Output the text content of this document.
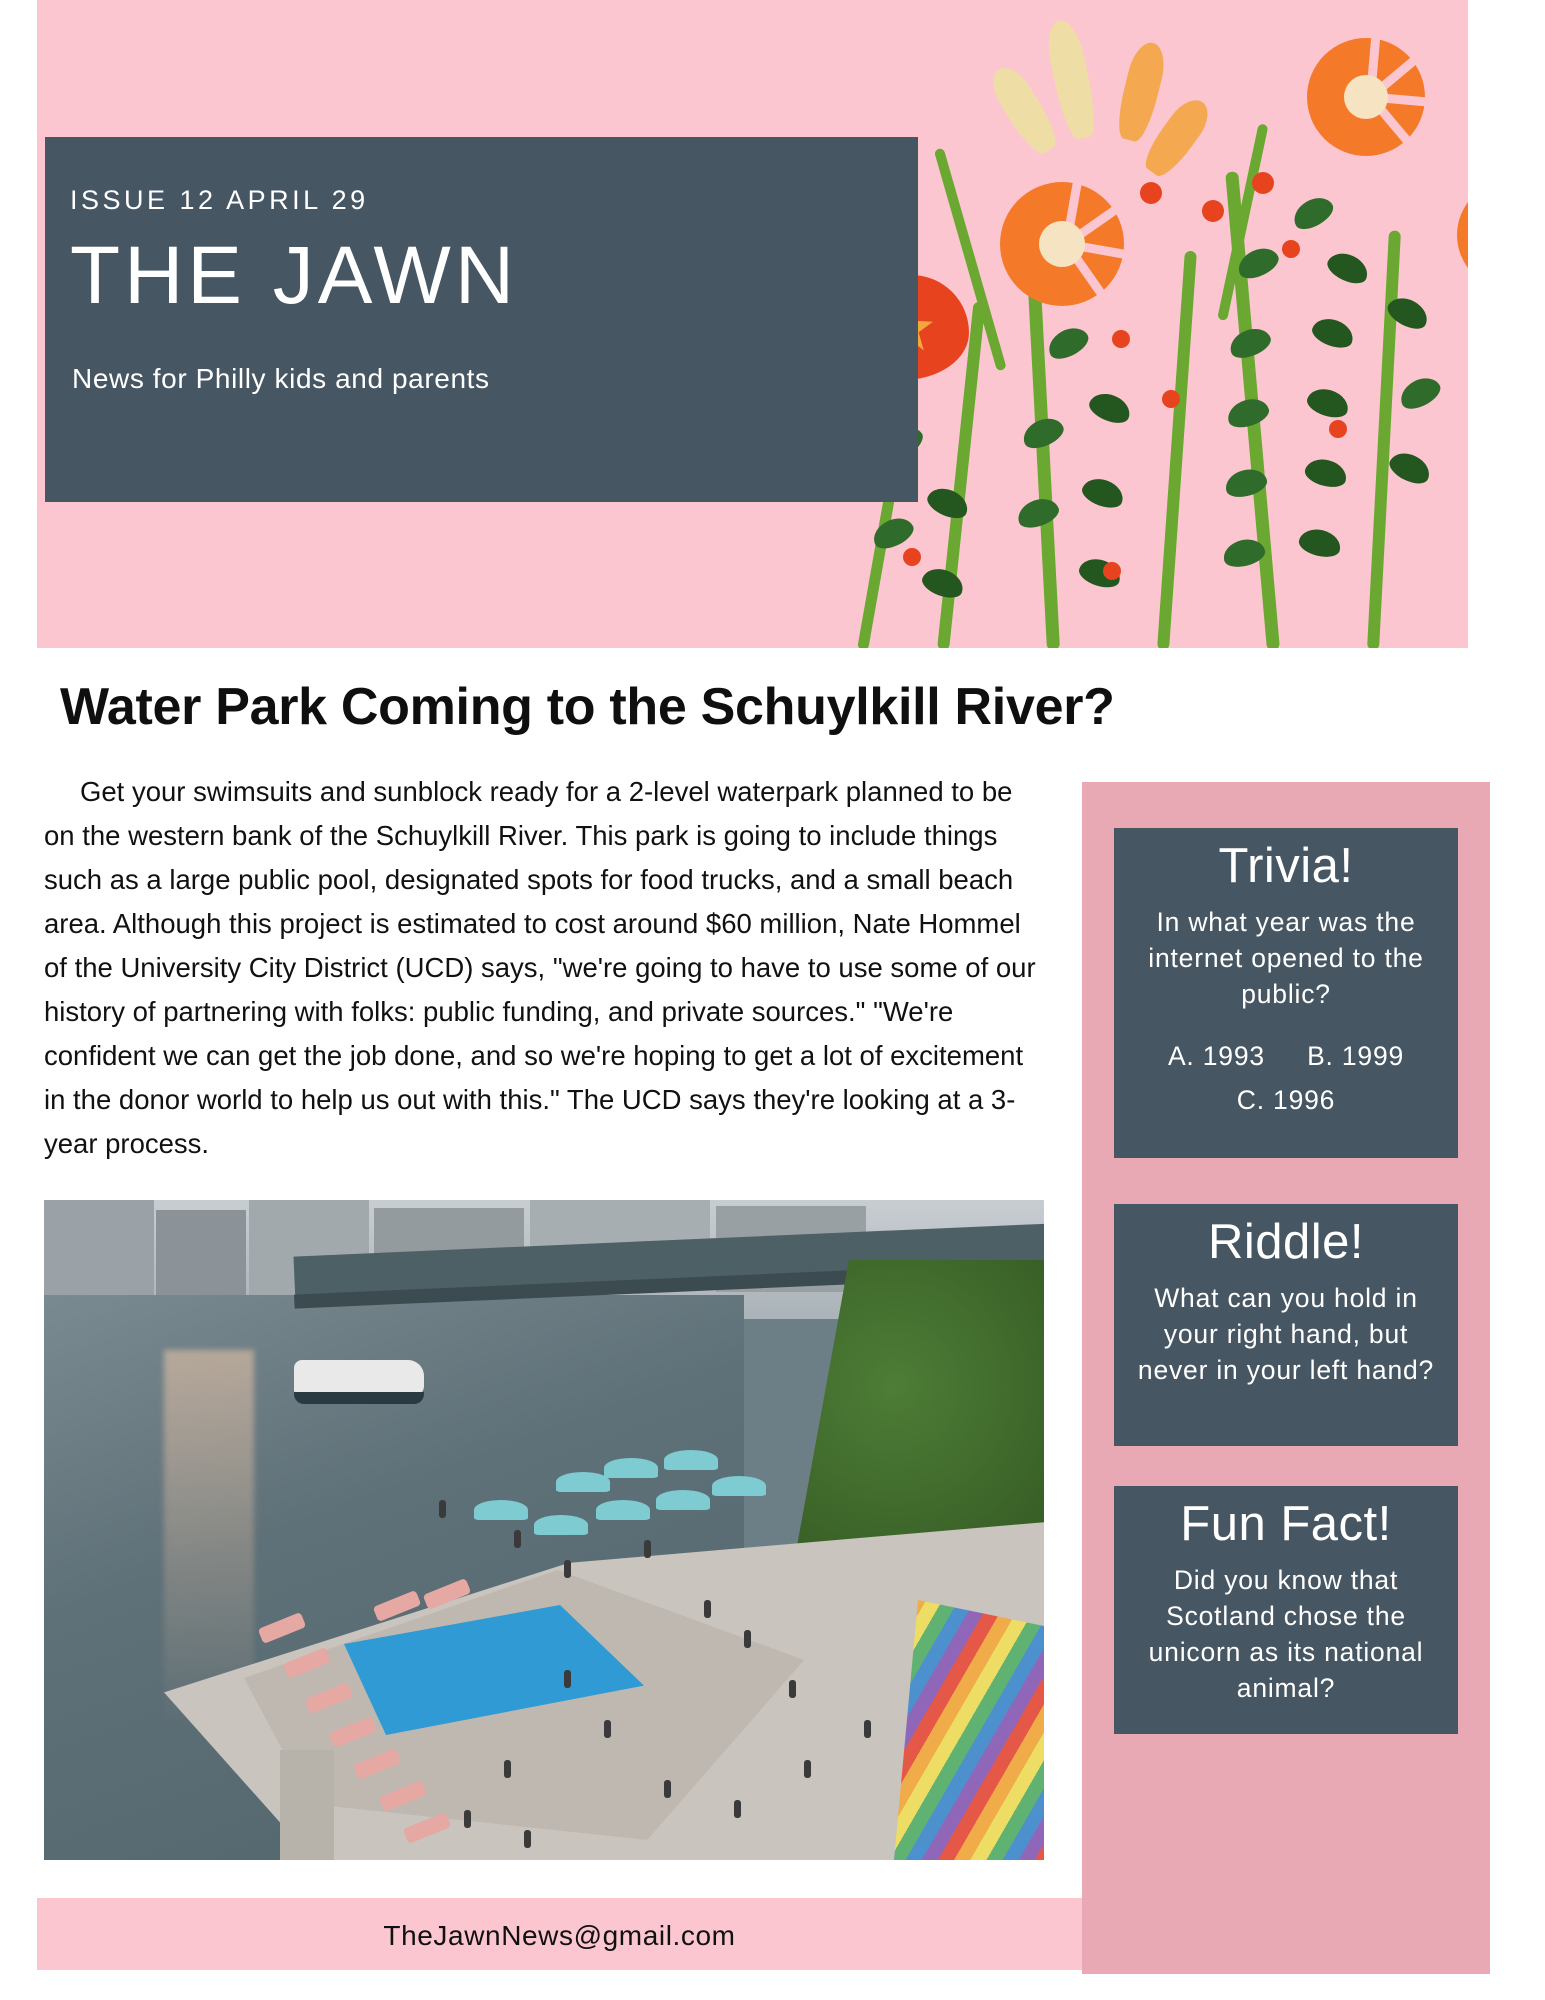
ISSUE 12 APRIL 29
THE JAWN
News for Philly kids and parents
Water Park Coming to the Schuylkill River?

Get your swimsuits and sunblock ready for a 2-level waterpark planned to be on the western bank of the Schuylkill River. This park is going to include things such as a large public pool, designated spots for food trucks, and a small beach area. Although this project is estimated to cost around $60 million, Nate Hommel of the University City District (UCD) says, "we're going to have to use some of our history of partnering with folks: public funding, and private sources." "We're confident we can get the job done, and so we're hoping to get a lot of excitement in the donor world to help us out with this." The UCD says they're looking at a 3-year process.

Trivia!
In what year was the internet opened to the public?
A. 1993 B. 1999
C. 1996
Riddle!
What can you hold in your right hand, but never in your left hand?
Fun Fact!
Did you know that Scotland chose the unicorn as its national animal?
TheJawnNews@gmail.com
